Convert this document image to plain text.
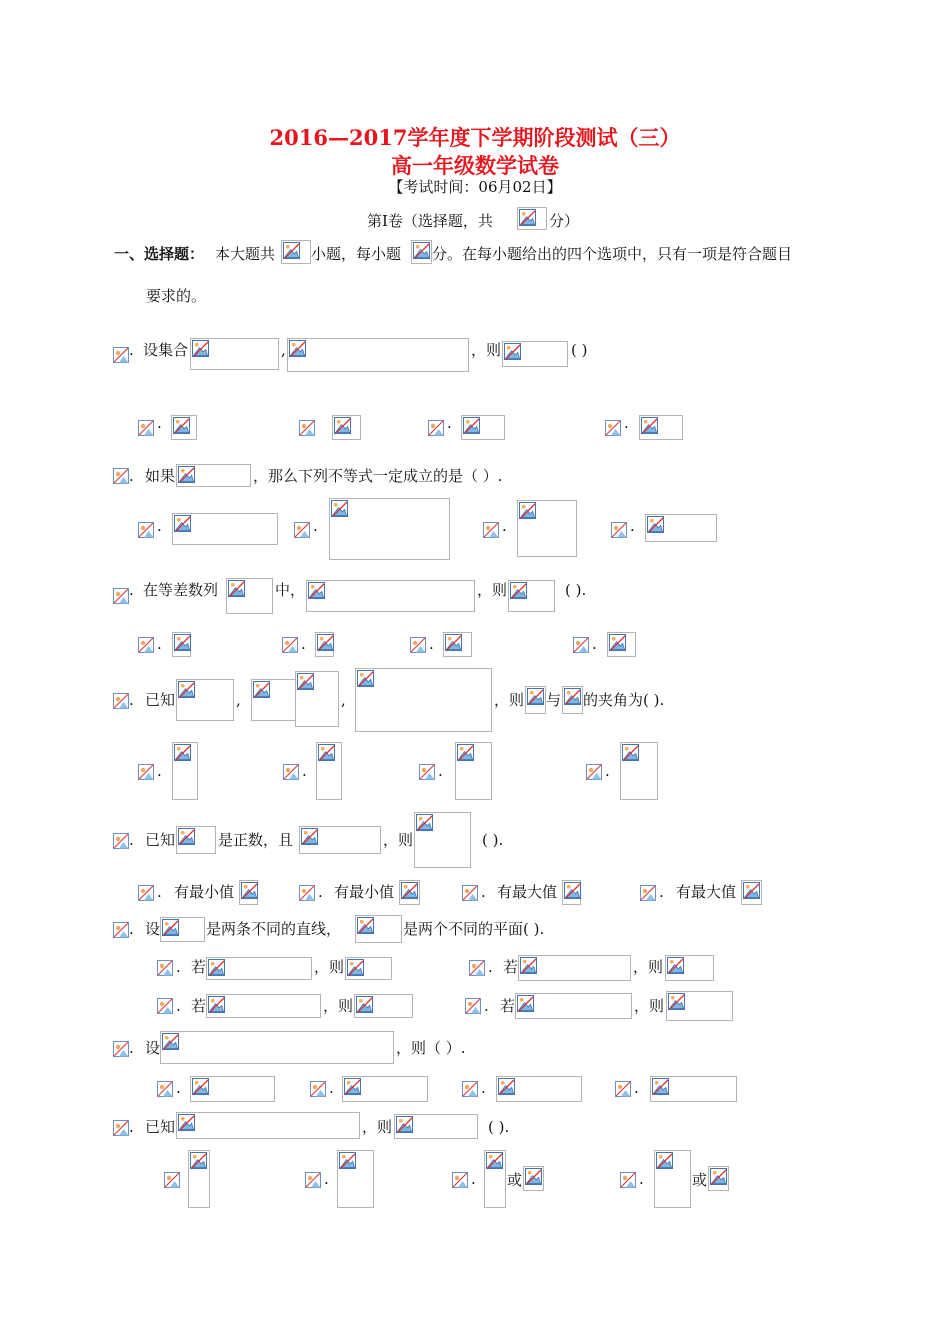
2016—2017学年度下学期阶段测试（三）
高一年级数学试卷
【考试时间：06月02日】
第Ⅰ卷（选择题，共	分）
一、选择题： 本大题共 小题，每小题 分。在每小题给出的四个选项中，只有一项是符合题目
要求的。
. 设集合	,	，则	( )
.	.	.
. 如果	，那么下列不等式一定成立的是（ ）.
.	.	.	.
. 在等差数列	中，	，则	( ).
.	.	.	.
. 已知	,	,	，则 与 的夹角为( ).
.	.	.	.
. 已知	是正数，且	，则	( ).
. 有最小值	. 有最小值	. 有最大值	. 有最大值
. 设	是两条不同的直线，	是两个不同的平面( ).
. 若	，则	. 若	，则
. 若	，则	. 若	，则
. 设	，则（ ）.
.	.	.	.
. 已知	，则	( ).
.	. 或	.	或
